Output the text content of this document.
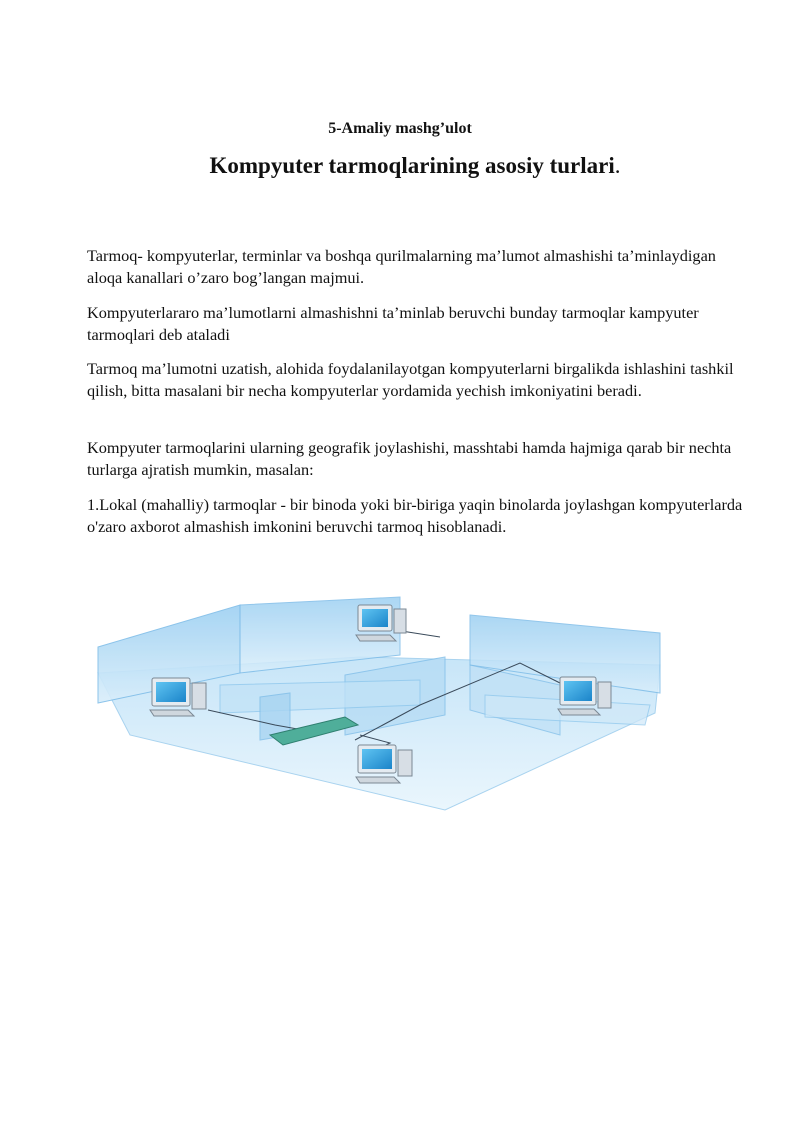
5-Amaliy mashg’ulot
Kompyuter tarmoqlarining asosiy turlari.
Tarmoq- kompyuterlar, terminlar va boshqa qurilmalarning ma’lumot almashishi ta’minlaydigan aloqa kanallari o’zaro bog’langan majmui.
Kompyuterlararo ma’lumotlarni almashishni ta’minlab beruvchi bunday tarmoqlar kampyuter tarmoqlari deb ataladi
Tarmoq ma’lumotni uzatish, alohida foydalanilayotgan kompyuterlarni birgalikda ishlashini tashkil qilish, bitta masalani bir necha kompyuterlar yordamida yechish imkoniyatini beradi.
Kompyuter tarmoqlarini ularning geografik joylashishi, masshtabi hamda hajmiga qarab bir nechta turlarga ajratish mumkin, masalan:
1.Lokal (mahalliy) tarmoqlar - bir binoda yoki bir-biriga yaqin binolarda joylashgan kompyuterlarda o'zaro axborot almashish imkonini beruvchi tarmoq hisoblanadi.
